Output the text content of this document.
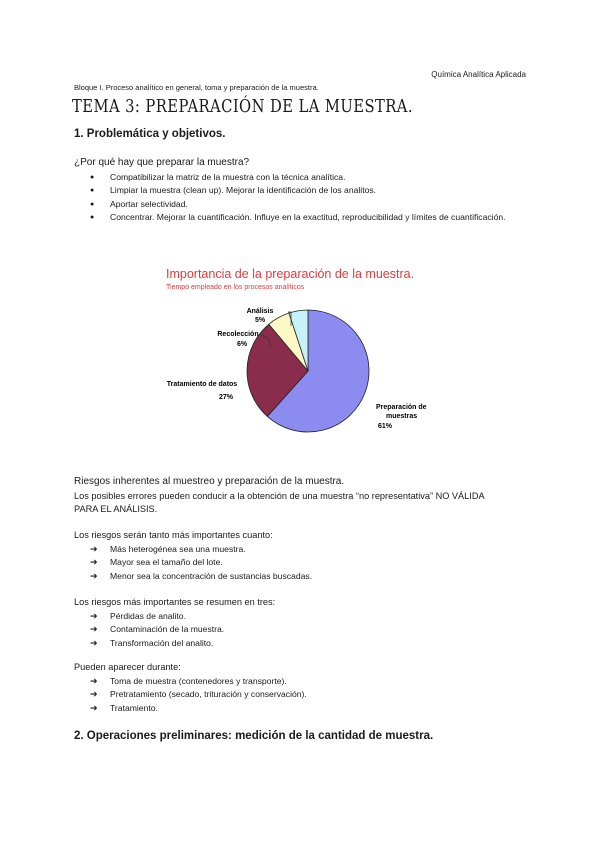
Química Analítica Aplicada
Bloque I. Proceso analítico en general, toma y preparación de la muestra.
TEMA 3: PREPARACIÓN DE LA MUESTRA.
1. Problemática y objetivos.
¿Por qué hay que preparar la muestra?
● Compatibilizar la matriz de la muestra con la técnica analítica.
● Limpiar la muestra (clean up). Mejorar la identificación de los analitos.
● Aportar selectividad.
● Concentrar. Mejorar la cuantificación. Influye en la exactitud, reproducibilidad y límites de cuantificación.
Importancia de la preparación de la muestra.
Tiempo empleado en los procesos analíticos
Análisis
5%
Recolección
6%
Tratamiento de datos
27%
Preparación de
muestras
61%
Riesgos inherentes al muestreo y preparación de la muestra.
Los posibles errores pueden conducir a la obtención de una muestra “no representativa” NO VÁLIDA
PARA EL ANÁLISIS.
Los riesgos serán tanto más importantes cuanto:
➔ Más heterogénea sea una muestra.
➔ Mayor sea el tamaño del lote.
➔ Menor sea la concentración de sustancias buscadas.
Los riesgos más importantes se resumen en tres:
➔ Pérdidas de analito.
➔ Contaminación de la muestra.
➔ Transformación del analito.
Pueden aparecer durante:
➔ Toma de muestra (contenedores y transporte).
➔ Pretratamiento (secado, trituración y conservación).
➔ Tratamiento.
2. Operaciones preliminares: medición de la cantidad de muestra.
